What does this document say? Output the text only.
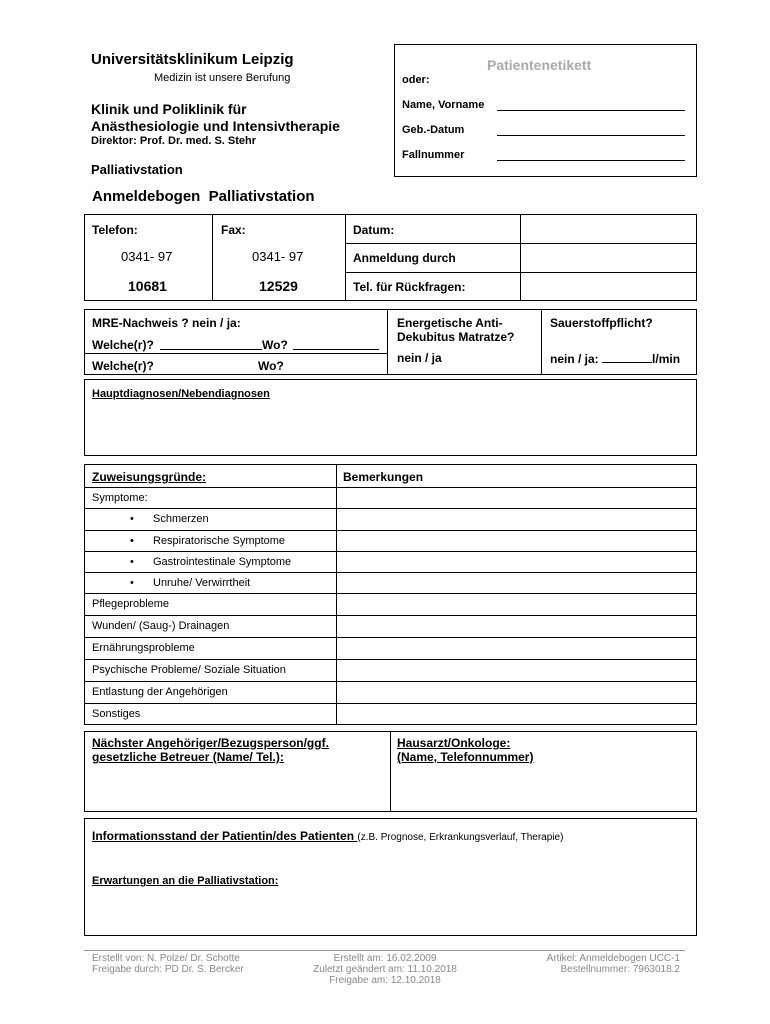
Universitätsklinikum Leipzig
Medizin ist unsere Berufung
Klinik und Poliklinik für
Anästhesiologie und Intensivtherapie
Direktor: Prof. Dr. med. S. Stehr
Palliativstation
Patientenetikett
oder:
Name, Vorname
Geb.-Datum
Fallnummer
Anmeldebogen  Palliativstation
Telefon:	Fax:	Datum:
0341- 97	0341- 97	Anmeldung durch
10681	12529	Tel. für Rückfragen:
MRE-Nachweis ? nein / ja:
Welche(r)?	Wo?
Welche(r)?	Wo?
Energetische Anti-Dekubitus Matratze?
nein / ja
Sauerstoffpflicht?
nein / ja:	l/min
Hauptdiagnosen/Nebendiagnosen
Zuweisungsgründe:	Bemerkungen
Symptome:
• Schmerzen
• Respiratorische Symptome
• Gastrointestinale Symptome
• Unruhe/ Verwirrtheit
Pflegeprobleme
Wunden/ (Saug-) Drainagen
Ernährungsprobleme
Psychische Probleme/ Soziale Situation
Entlastung der Angehörigen
Sonstiges
Nächster Angehöriger/Bezugsperson/ggf.
gesetzliche Betreuer (Name/ Tel.):
Hausarzt/Onkologe:
(Name, Telefonnummer)
Informationsstand der Patientin/des Patienten (z.B. Prognose, Erkrankungsverlauf, Therapie)
Erwartungen an die Palliativstation:
Erstellt von: N. Polze/ Dr. Schotte
Freigabe durch: PD Dr. S. Bercker
Erstellt am: 16.02.2009
Zuletzt geändert am: 11.10.2018
Freigabe am: 12.10.2018
Artikel: Anmeldebogen UCC-1
Bestellnummer: 7963018.2
